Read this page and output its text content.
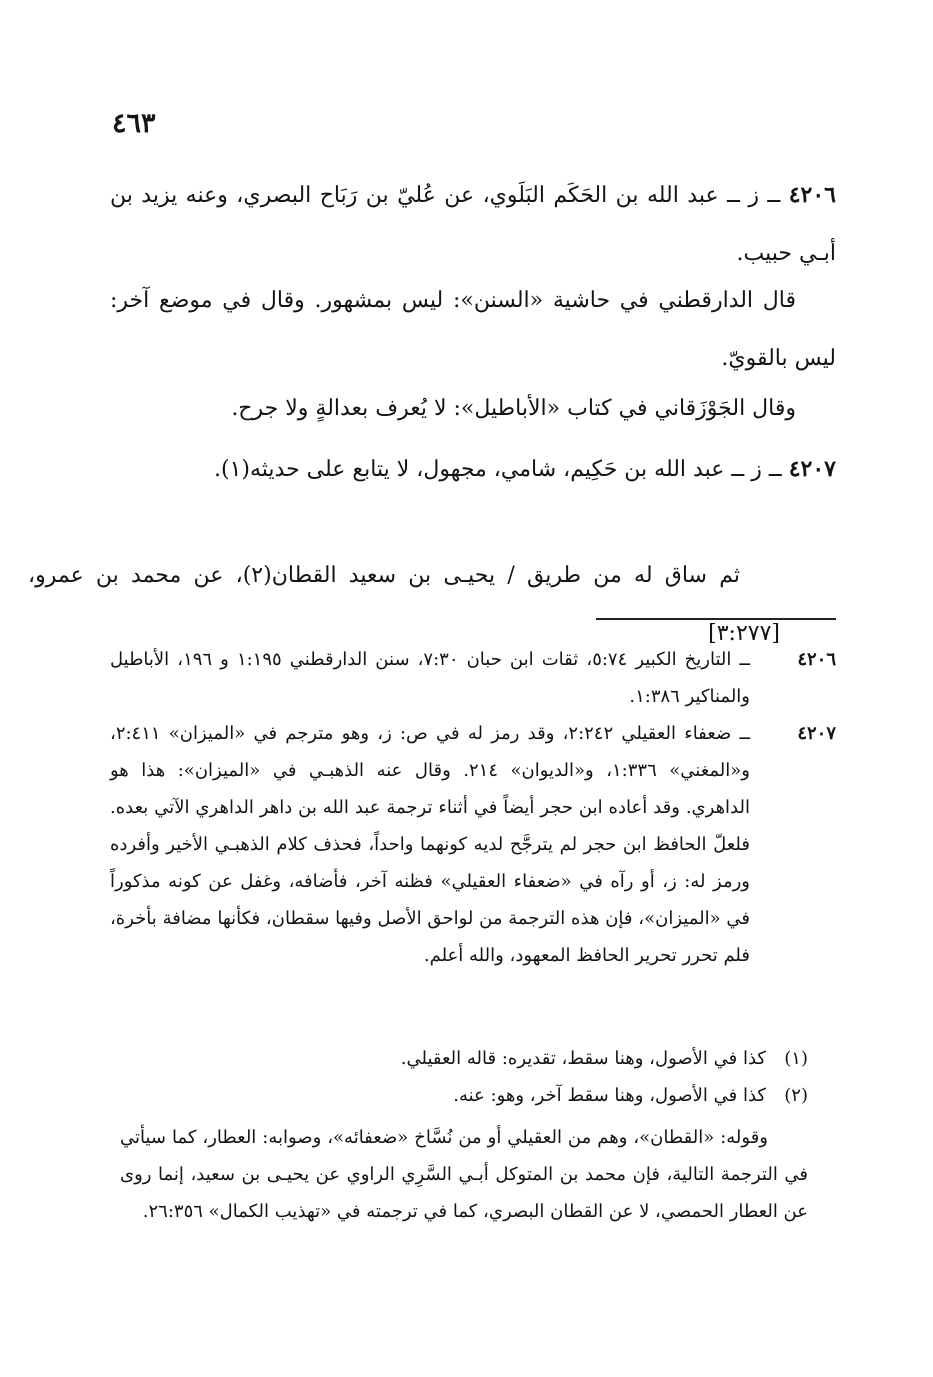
٤٦٣

٤٢٠٦ ــ ز ــ عبد الله بن الحَكَم البَلَوي، عن عُليّ بن رَبَاح البصري، وعنه يزيد بن أبـي حبيب.

قال الدارقطني في حاشية «السنن»: ليس بمشهور. وقال في موضع آخر: ليس بالقويّ.

وقال الجَوْزَقاني في كتاب «الأباطيل»: لا يُعرف بعدالةٍ ولا جرح.

٤٢٠٧ ــ ز ــ عبد الله بن حَكِيم، شامي، مجهول، لا يتابع على حديثه(١).

ثم ساق له من طريق / يحيـى بن سعيد القطان(٢)، عن محمد بن عمرو، [٣:٢٧٧]

٤٢٠٦
ــ التاريخ الكبير ٥:٧٤، ثقات ابن حبان ٧:٣٠، سنن الدارقطني ١:١٩٥ و ١٩٦، الأباطيل والمناكير ١:٣٨٦.
٤٢٠٧
ــ ضعفاء العقيلي ٢:٢٤٢، وقد رمز له في ص: ز، وهو مترجم في «الميزان» ٢:٤١١، و«المغني» ١:٣٣٦، و«الديوان» ٢١٤. وقال عنه الذهبـي في «الميزان»: هذا هو الداهري. وقد أعاده ابن حجر أيضاً في أثناء ترجمة عبد الله بن داهر الداهري الآتي بعده. فلعلّ الحافظ ابن حجر لم يترجَّح لديه كونهما واحداً، فحذف كلام الذهبـي الأخير وأفرده ورمز له: ز، أو رآه في «ضعفاء العقيلي» فظنه آخر، فأضافه، وغفل عن كونه مذكوراً في «الميزان»، فإن هذه الترجمة من لواحق الأصل وفيها سقطان، فكأنها مضافة بأخرة، فلم تحرر تحرير الحافظ المعهود، والله أعلم.
(١)
كذا في الأصول، وهنا سقط، تقديره: قاله العقيلي.
(٢)
كذا في الأصول، وهنا سقط آخر، وهو: عنه.

وقوله: «القطان»، وهم من العقيلي أو من نُسَّاخ «ضعفائه»، وصوابه: العطار، كما سيأتي في الترجمة التالية، فإن محمد بن المتوكل أبـي السَّرِي الراوي عن يحيـى بن سعيد، إنما روى عن العطار الحمصي، لا عن القطان البصري، كما في ترجمته في «تهذيب الكمال» ٢٦:٣٥٦.
